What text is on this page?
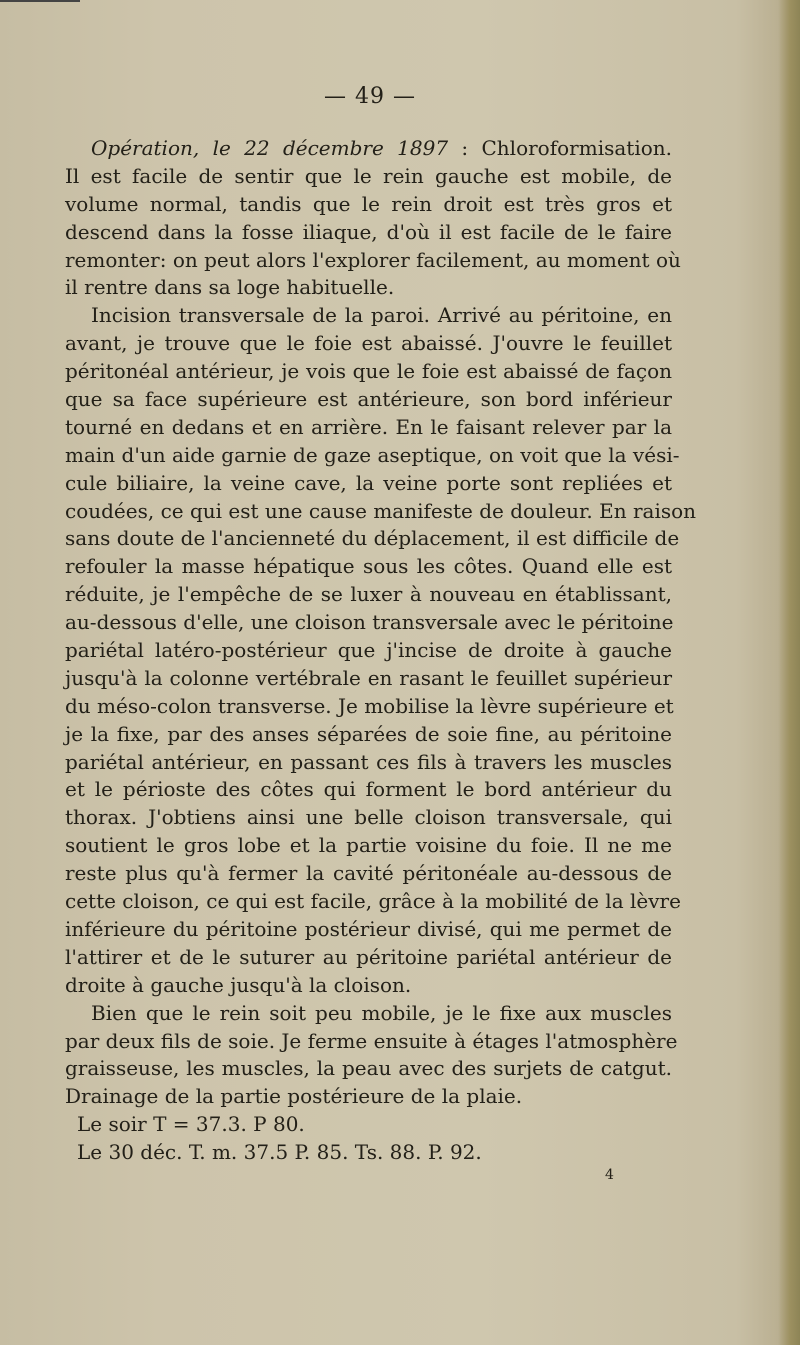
— 49 —
Opération, le 22 décembre 1897 : Chloroformisation.
Il est facile de sentir que le rein gauche est mobile, de
volume normal, tandis que le rein droit est très gros et
descend dans la fosse iliaque, d'où il est facile de le faire
remonter: on peut alors l'explorer facilement, au moment où
il rentre dans sa loge habituelle.
Incision transversale de la paroi. Arrivé au péritoine, en
avant, je trouve que le foie est abaissé. J'ouvre le feuillet
péritonéal antérieur, je vois que le foie est abaissé de façon
que sa face supérieure est antérieure, son bord inférieur
tourné en dedans et en arrière. En le faisant relever par la
main d'un aide garnie de gaze aseptique, on voit que la vési-
cule biliaire, la veine cave, la veine porte sont repliées et
coudées, ce qui est une cause manifeste de douleur. En raison
sans doute de l'ancienneté du déplacement, il est difficile de
refouler la masse hépatique sous les côtes. Quand elle est
réduite, je l'empêche de se luxer à nouveau en établissant,
au-dessous d'elle, une cloison transversale avec le péritoine
pariétal latéro-postérieur que j'incise de droite à gauche
jusqu'à la colonne vertébrale en rasant le feuillet supérieur
du méso-colon transverse. Je mobilise la lèvre supérieure et
je la fixe, par des anses séparées de soie fine, au péritoine
pariétal antérieur, en passant ces fils à travers les muscles
et le périoste des côtes qui forment le bord antérieur du
thorax. J'obtiens ainsi une belle cloison transversale, qui
soutient le gros lobe et la partie voisine du foie. Il ne me
reste plus qu'à fermer la cavité péritonéale au-dessous de
cette cloison, ce qui est facile, grâce à la mobilité de la lèvre
inférieure du péritoine postérieur divisé, qui me permet de
l'attirer et de le suturer au péritoine pariétal antérieur de
droite à gauche jusqu'à la cloison.
Bien que le rein soit peu mobile, je le fixe aux muscles
par deux fils de soie. Je ferme ensuite à étages l'atmosphère
graisseuse, les muscles, la peau avec des surjets de catgut.
Drainage de la partie postérieure de la plaie.
Le soir T = 37.3. P 80.
Le 30 déc. T. m. 37.5 P. 85. Ts. 88. P. 92.
4
